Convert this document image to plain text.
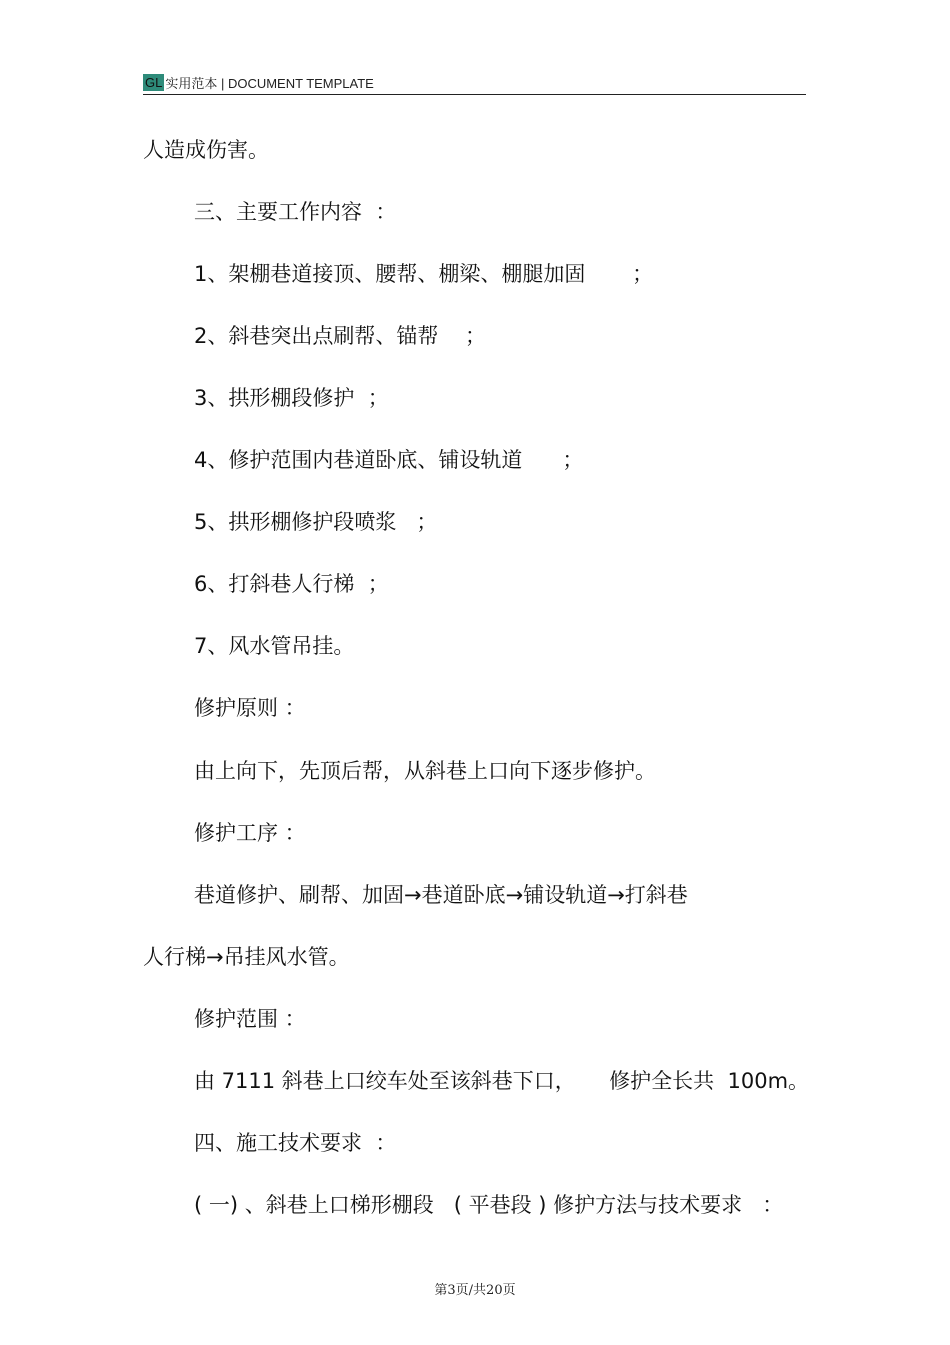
GL 实用范本 | DOCUMENT TEMPLATE
人造成伤害。
三、主要工作内容  ：
1、架棚巷道接顶、腰帮、棚梁、棚腿加固       ；
2、斜巷突出点刷帮、锚帮    ；
3、拱形棚段修护  ；
4、修护范围内巷道卧底、铺设轨道      ；
5、拱形棚修护段喷浆   ；
6、打斜巷人行梯  ；
7、风水管吊挂。
修护原则 ：
由上向下，先顶后帮，从斜巷上口向下逐步修护。
修护工序 ：
巷道修护、刷帮、加固→巷道卧底→铺设轨道→打斜巷
人行梯→吊挂风水管。
修护范围 ：
由 7111 斜巷上口绞车处至该斜巷下口，     修护全长共  100m。
四、施工技术要求  ：
( 一) 、斜巷上口梯形棚段   ( 平巷段 ) 修护方法与技术要求   ：
第3页/共20页
